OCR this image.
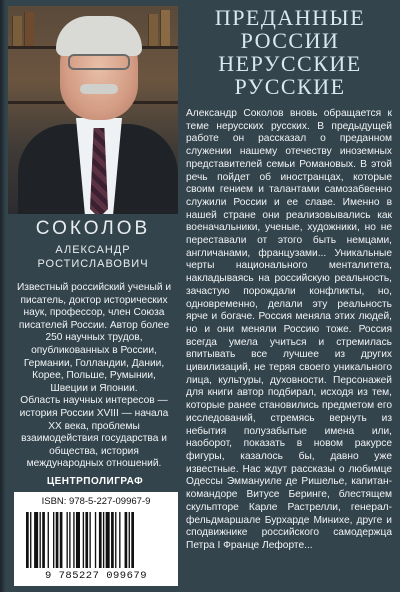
СОКОЛОВ
АЛЕКСАНДР
РОСТИСЛАВОВИЧ

Известный российский ученый и писатель, доктор исторических наук, профессор, член Союза писателей России. Автор более 250 научных трудов, опубликованных в России, Германии, Голландии, Дании, Корее, Польше, Румынии, Швеции и Японии.

Область научных интересов — история России XVIII — начала XX века, проблемы взаимодействия государства и общества, история международных отношений.

ЦЕНТРПОЛИГРАФ
ISBN: 978-5-227-09967-9
9 785227 099679
ПРЕДАННЫЕ
РОССИИ
НЕРУССКИЕ
РУССКИЕ

Александр Соколов вновь обращается к теме нерусских русских. В предыдущей работе он рассказал о преданном служении нашему отечеству иноземных представителей семьи Романовых. В этой речь пойдет об иностранцах, которые своим гением и талантами самозабвенно служили России и ее славе. Именно в нашей стране они реализовывались как военачальники, ученые, художники, но не переставали от этого быть немцами, англичанами, французами... Уникальные черты национального менталитета, накладываясь на российскую реальность, зачастую порождали конфликты, но, одновременно, делали эту реальность ярче и богаче. Россия меняла этих людей, но и они меняли Россию тоже. Россия всегда умела учиться и стремилась впитывать все лучшее из других цивилизаций, не теряя своего уникального лица, культуры, духовности. Персонажей для книги автор подбирал, исходя из тем, которые ранее становились предметом его исследований, стремясь вернуть из небытия полузабытые имена или, наоборот, показать в новом ракурсе фигуры, казалось бы, давно уже известные. Нас ждут рассказы о любимце Одессы Эммануиле де Ришелье, капитан-командоре Витусе Беринге, блестящем скульпторе Карле Растрелли, генерал-фельдмаршале Бурхарде Минихе, друге и сподвижнике российского самодержца Петра I Франце Лефорте...
